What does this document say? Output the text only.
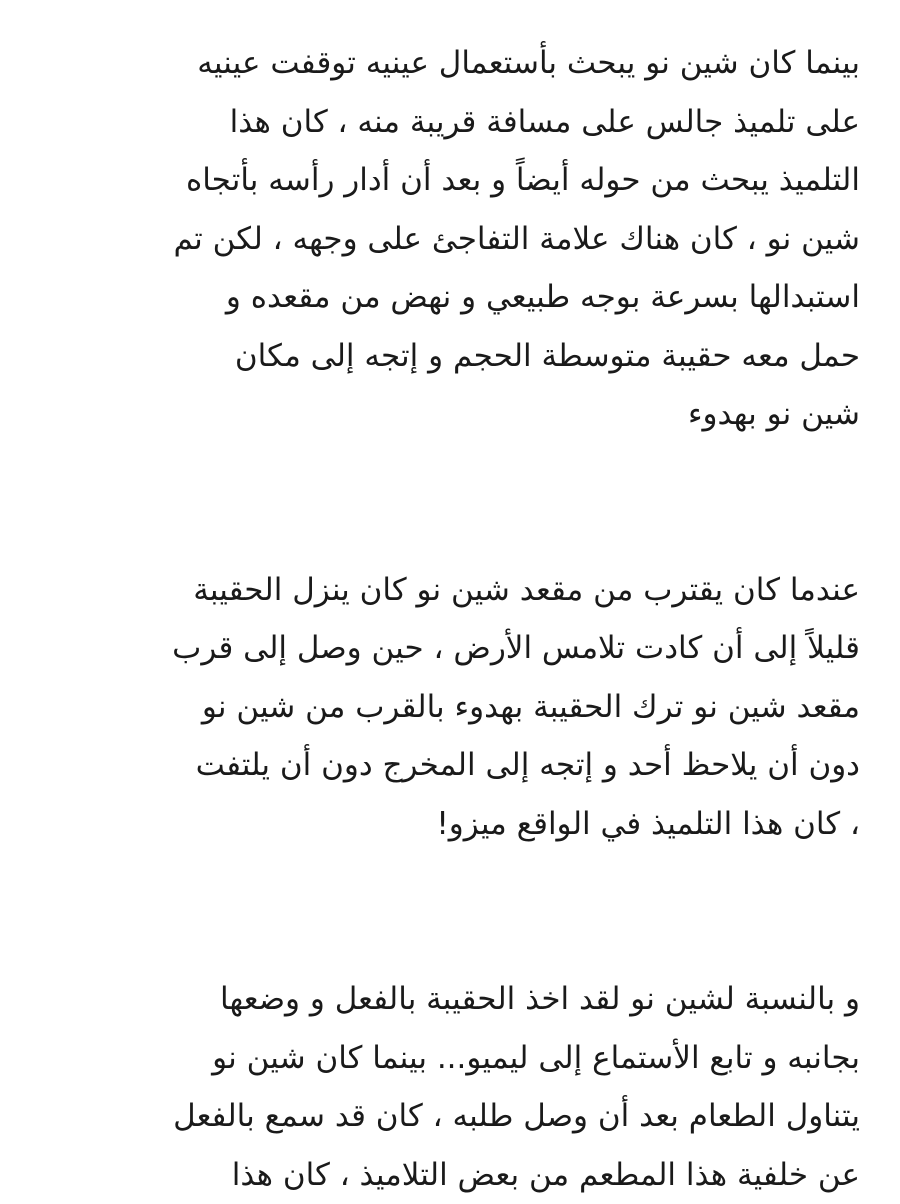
بينما كان شين نو يبحث بأستعمال عينيه توقفت عينيه
على تلميذ جالس على مسافة قريبة منه ، كان هذا
التلميذ يبحث من حوله أيضاً و بعد أن أدار رأسه بأتجاه
شين نو ، كان هناك علامة التفاجئ على وجهه ، لكن تم
استبدالها بسرعة بوجه طبيعي و نهض من مقعده و
حمل معه حقيبة متوسطة الحجم و إتجه إلى مكان
شين نو بهدوء
عندما كان يقترب من مقعد شين نو كان ينزل الحقيبة
قليلاً إلى أن كادت تلامس الأرض ، حين وصل إلى قرب
مقعد شين نو ترك الحقيبة بهدوء بالقرب من شين نو
دون أن يلاحظ أحد و إتجه إلى المخرج دون أن يلتفت
، كان هذا التلميذ في الواقع ميزو!
و بالنسبة لشين نو لقد اخذ الحقيبة بالفعل و وضعها
بجانبه و تابع الأستماع إلى ليميو... بينما كان شين نو
يتناول الطعام بعد أن وصل طلبه ، كان قد سمع بالفعل
عن خلفية هذا المطعم من بعض التلاميذ ، كان هذا
